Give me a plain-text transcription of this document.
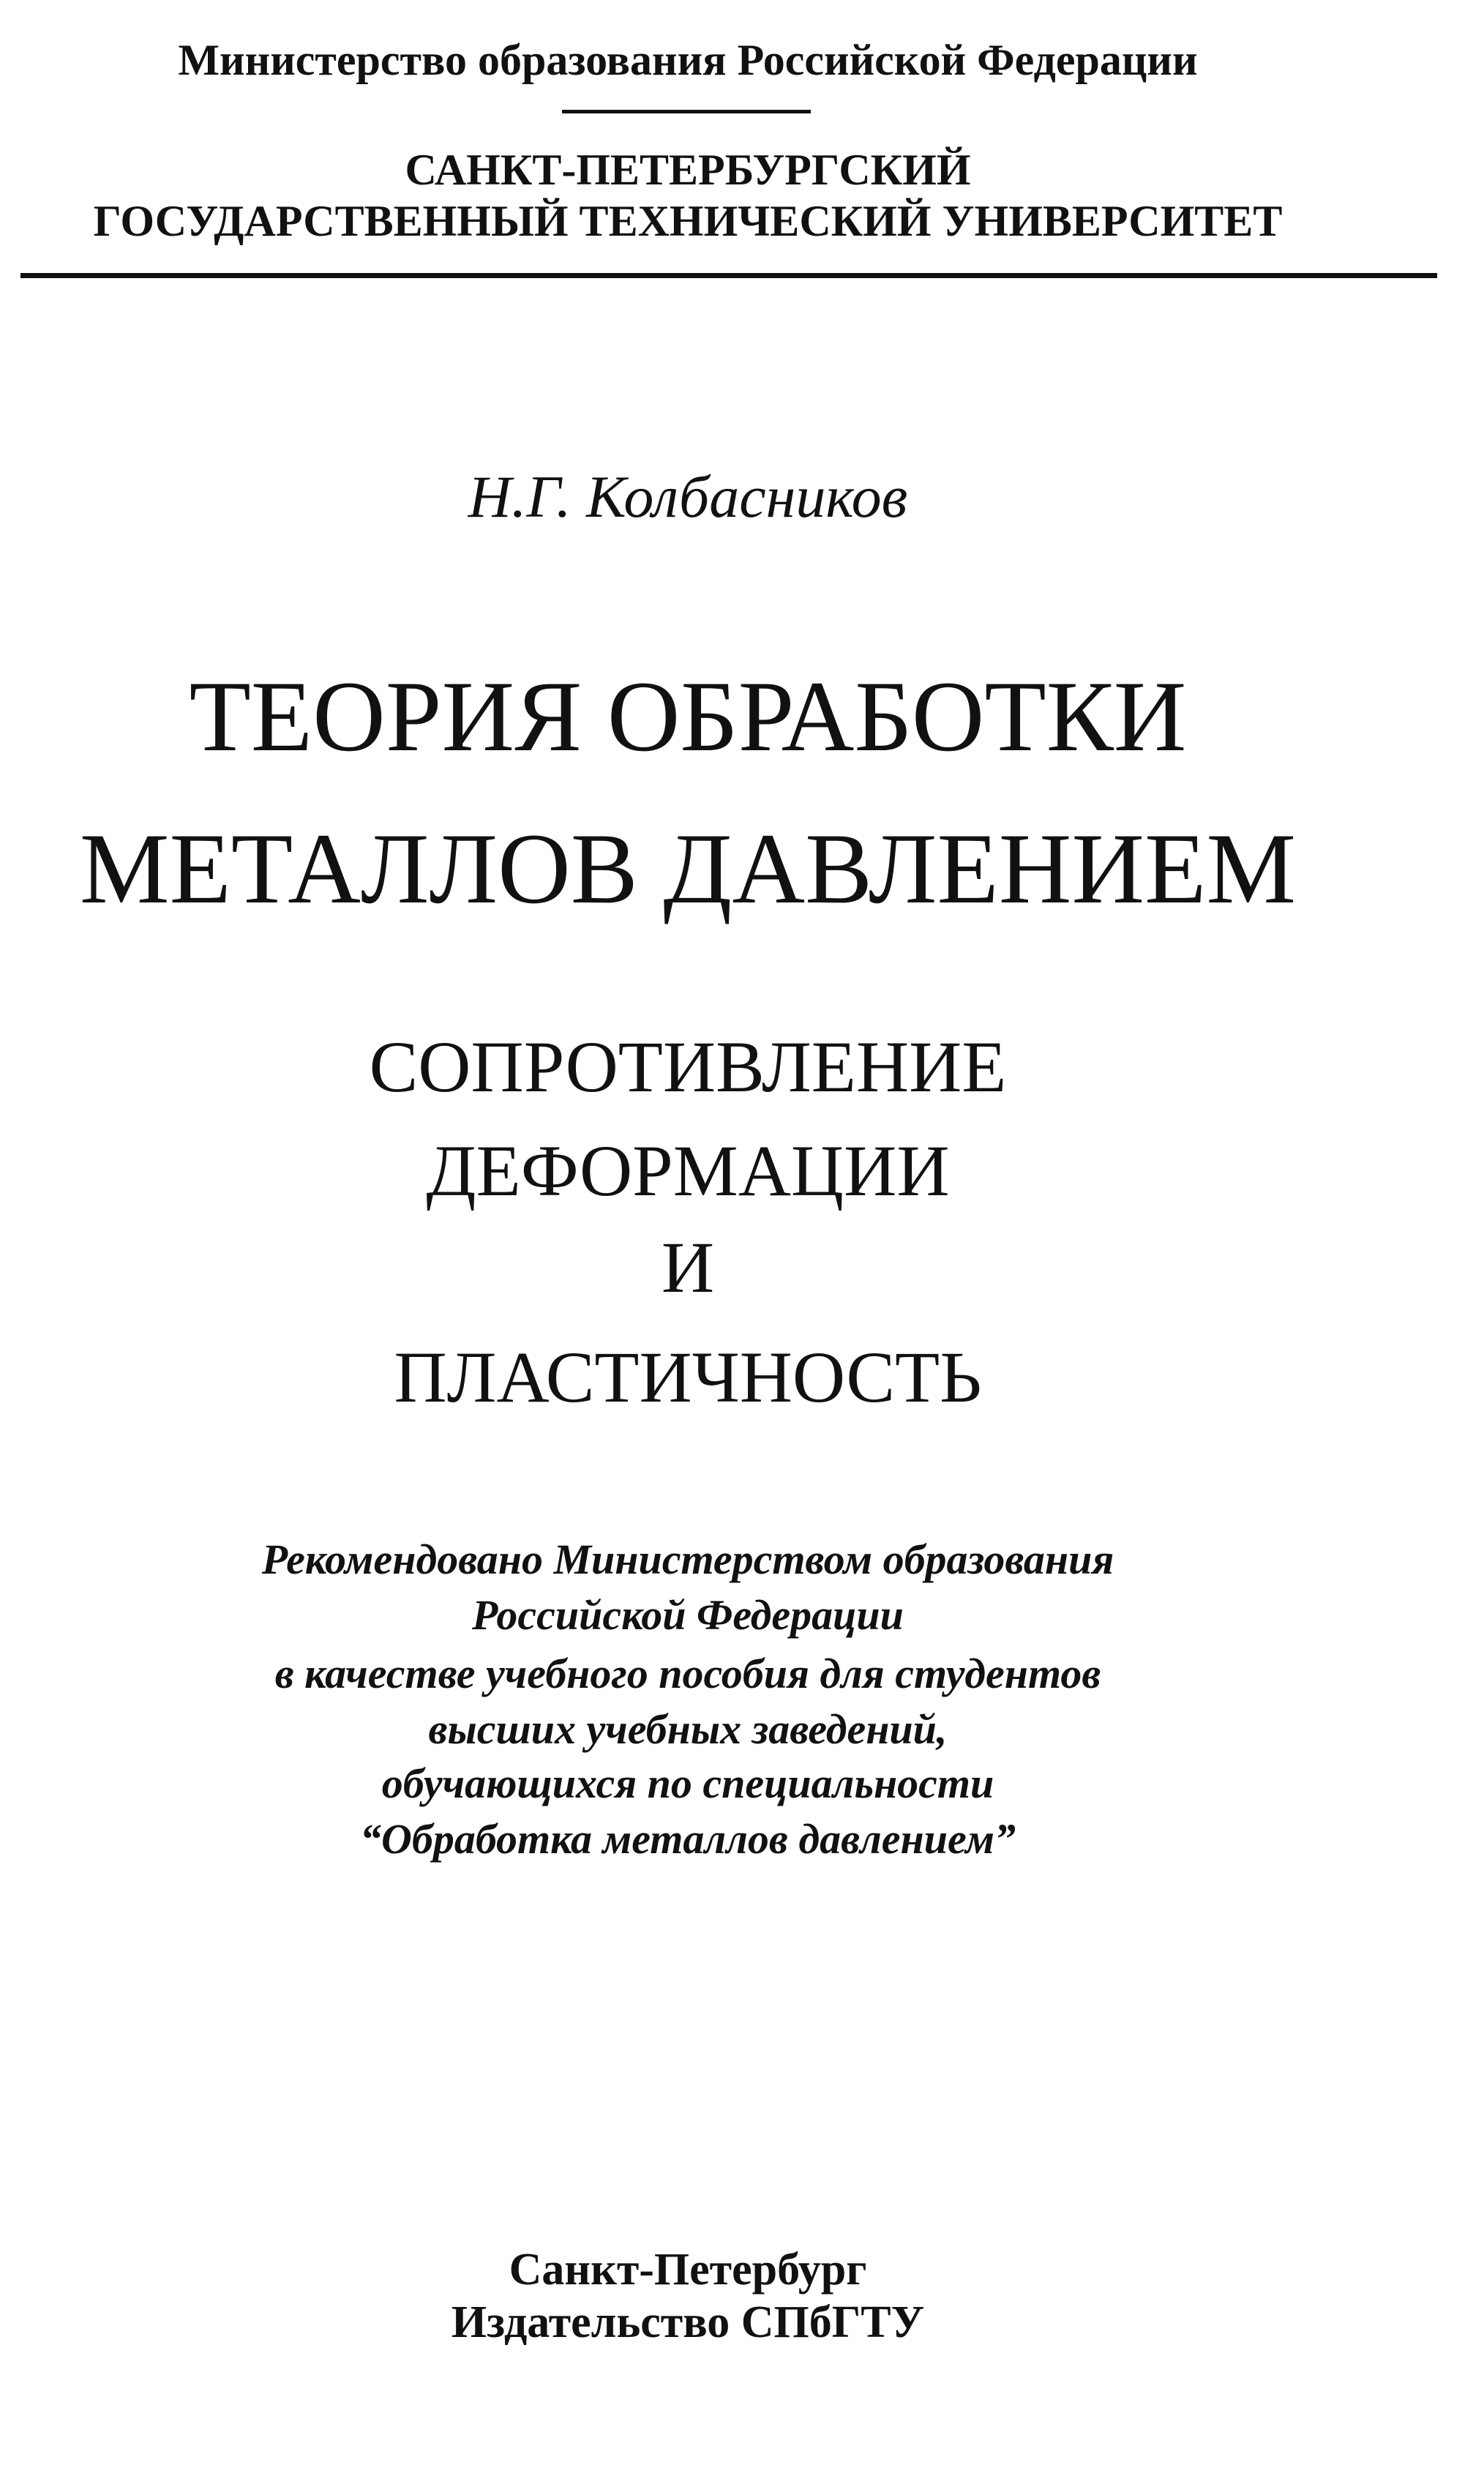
Министерство образования Российской Федерации
САНКТ-ПЕТЕРБУРГСКИЙ
ГОСУДАРСТВЕННЫЙ ТЕХНИЧЕСКИЙ УНИВЕРСИТЕТ
Н.Г. Колбасников
ТЕОРИЯ ОБРАБОТКИ
МЕТАЛЛОВ ДАВЛЕНИЕМ
СОПРОТИВЛЕНИЕ
ДЕФОРМАЦИИ
И
ПЛАСТИЧНОСТЬ
Рекомендовано Министерством образования
Российской Федерации
в качестве учебного пособия для студентов
высших учебных заведений,
обучающихся по специальности
“Обработка металлов давлением”
Санкт-Петербург
Издательство СПбГТУ
